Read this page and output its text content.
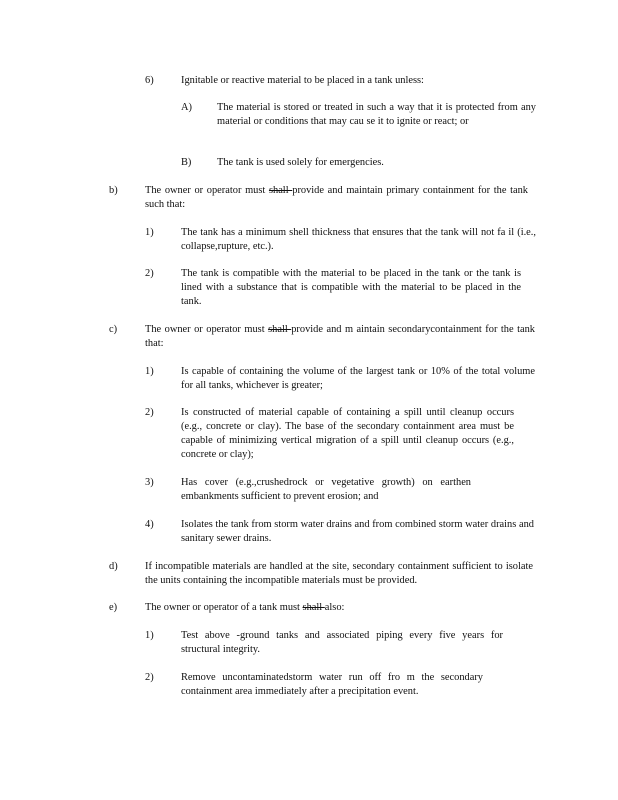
6)	Ignitable or reactive material to be placed in a tank unless:

A) The material is stored or treated in such a way that it is protected from any material or conditions that may cau se it to ignite or react; or

B) The tank is used solely for emergencies.

b)	The owner or operator must shall provide and maintain primary containment for the tank such that:

1)	The tank has a minimum shell thickness that ensures that the tank will not fa il (i.e., collapse,rupture, etc.).

2)	The tank is compatible with the material to be placed in the tank or the tank is lined with a substance that is compatible with the material to be placed in the tank.

c)	The owner or operator must shall provide and m aintain secondarycontainment for the tank that:

1)	Is capable of containing the volume of the largest tank or 10% of the total volume for all tanks, whichever is greater;

2)	Is constructed of material capable of containing a spill until cleanup occurs (e.g., concrete or clay). The base of the secondary containment area must be capable of minimizing vertical migration of a spill until cleanup occurs (e.g., concrete or clay);

3)	Has cover (e.g.,crushedrock or vegetative growth) on earthen embankments sufficient to prevent erosion; and

4)	Isolates the tank from storm water drains and from combined storm water drains and sanitary sewer drains.

d)	If incompatible materials are handled at the site, secondary containment sufficient to isolate the units containing the incompatible materials must be provided.

e)	The owner or operator of a tank must shall also:

1)	Test above -ground tanks and associated piping every five years for structural integrity.

2)	Remove uncontaminatedstorm water run off fro m the secondary containment area immediately after a precipitation event.
